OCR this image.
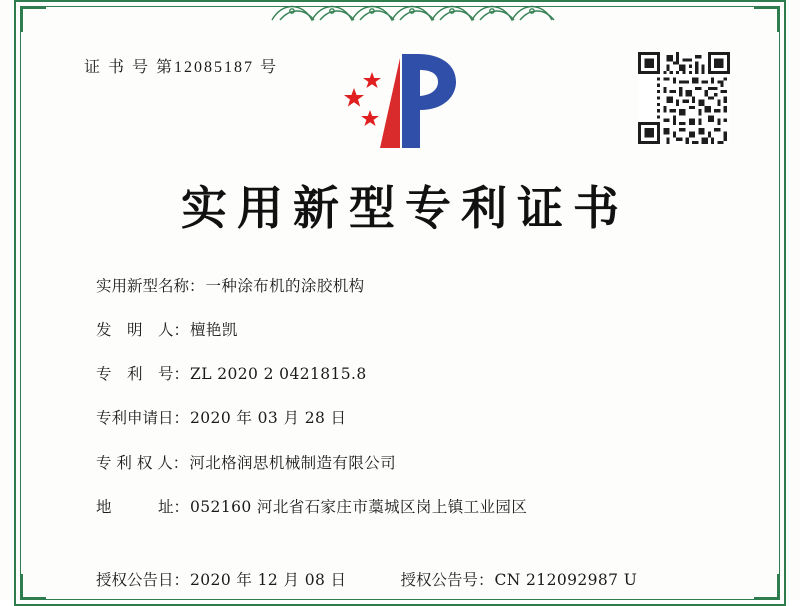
证 书 号 第12085187 号
实用新型专利证书
实用新型名称 ： 一种涂布机的涂胶机构
发　明　人 ： 檀艳凯
专　利　号 ： ZL 2020 2 0421815.8
专利申请日 ： 2020 年 03 月 28 日
专 利 权 人 ： 河北格润思机械制造有限公司
地　　　址 ： 052160 河北省石家庄市藁城区岗上镇工业园区
授权公告日 ： 2020 年 12 月 08 日	授权公告号 ： CN 212092987 U
